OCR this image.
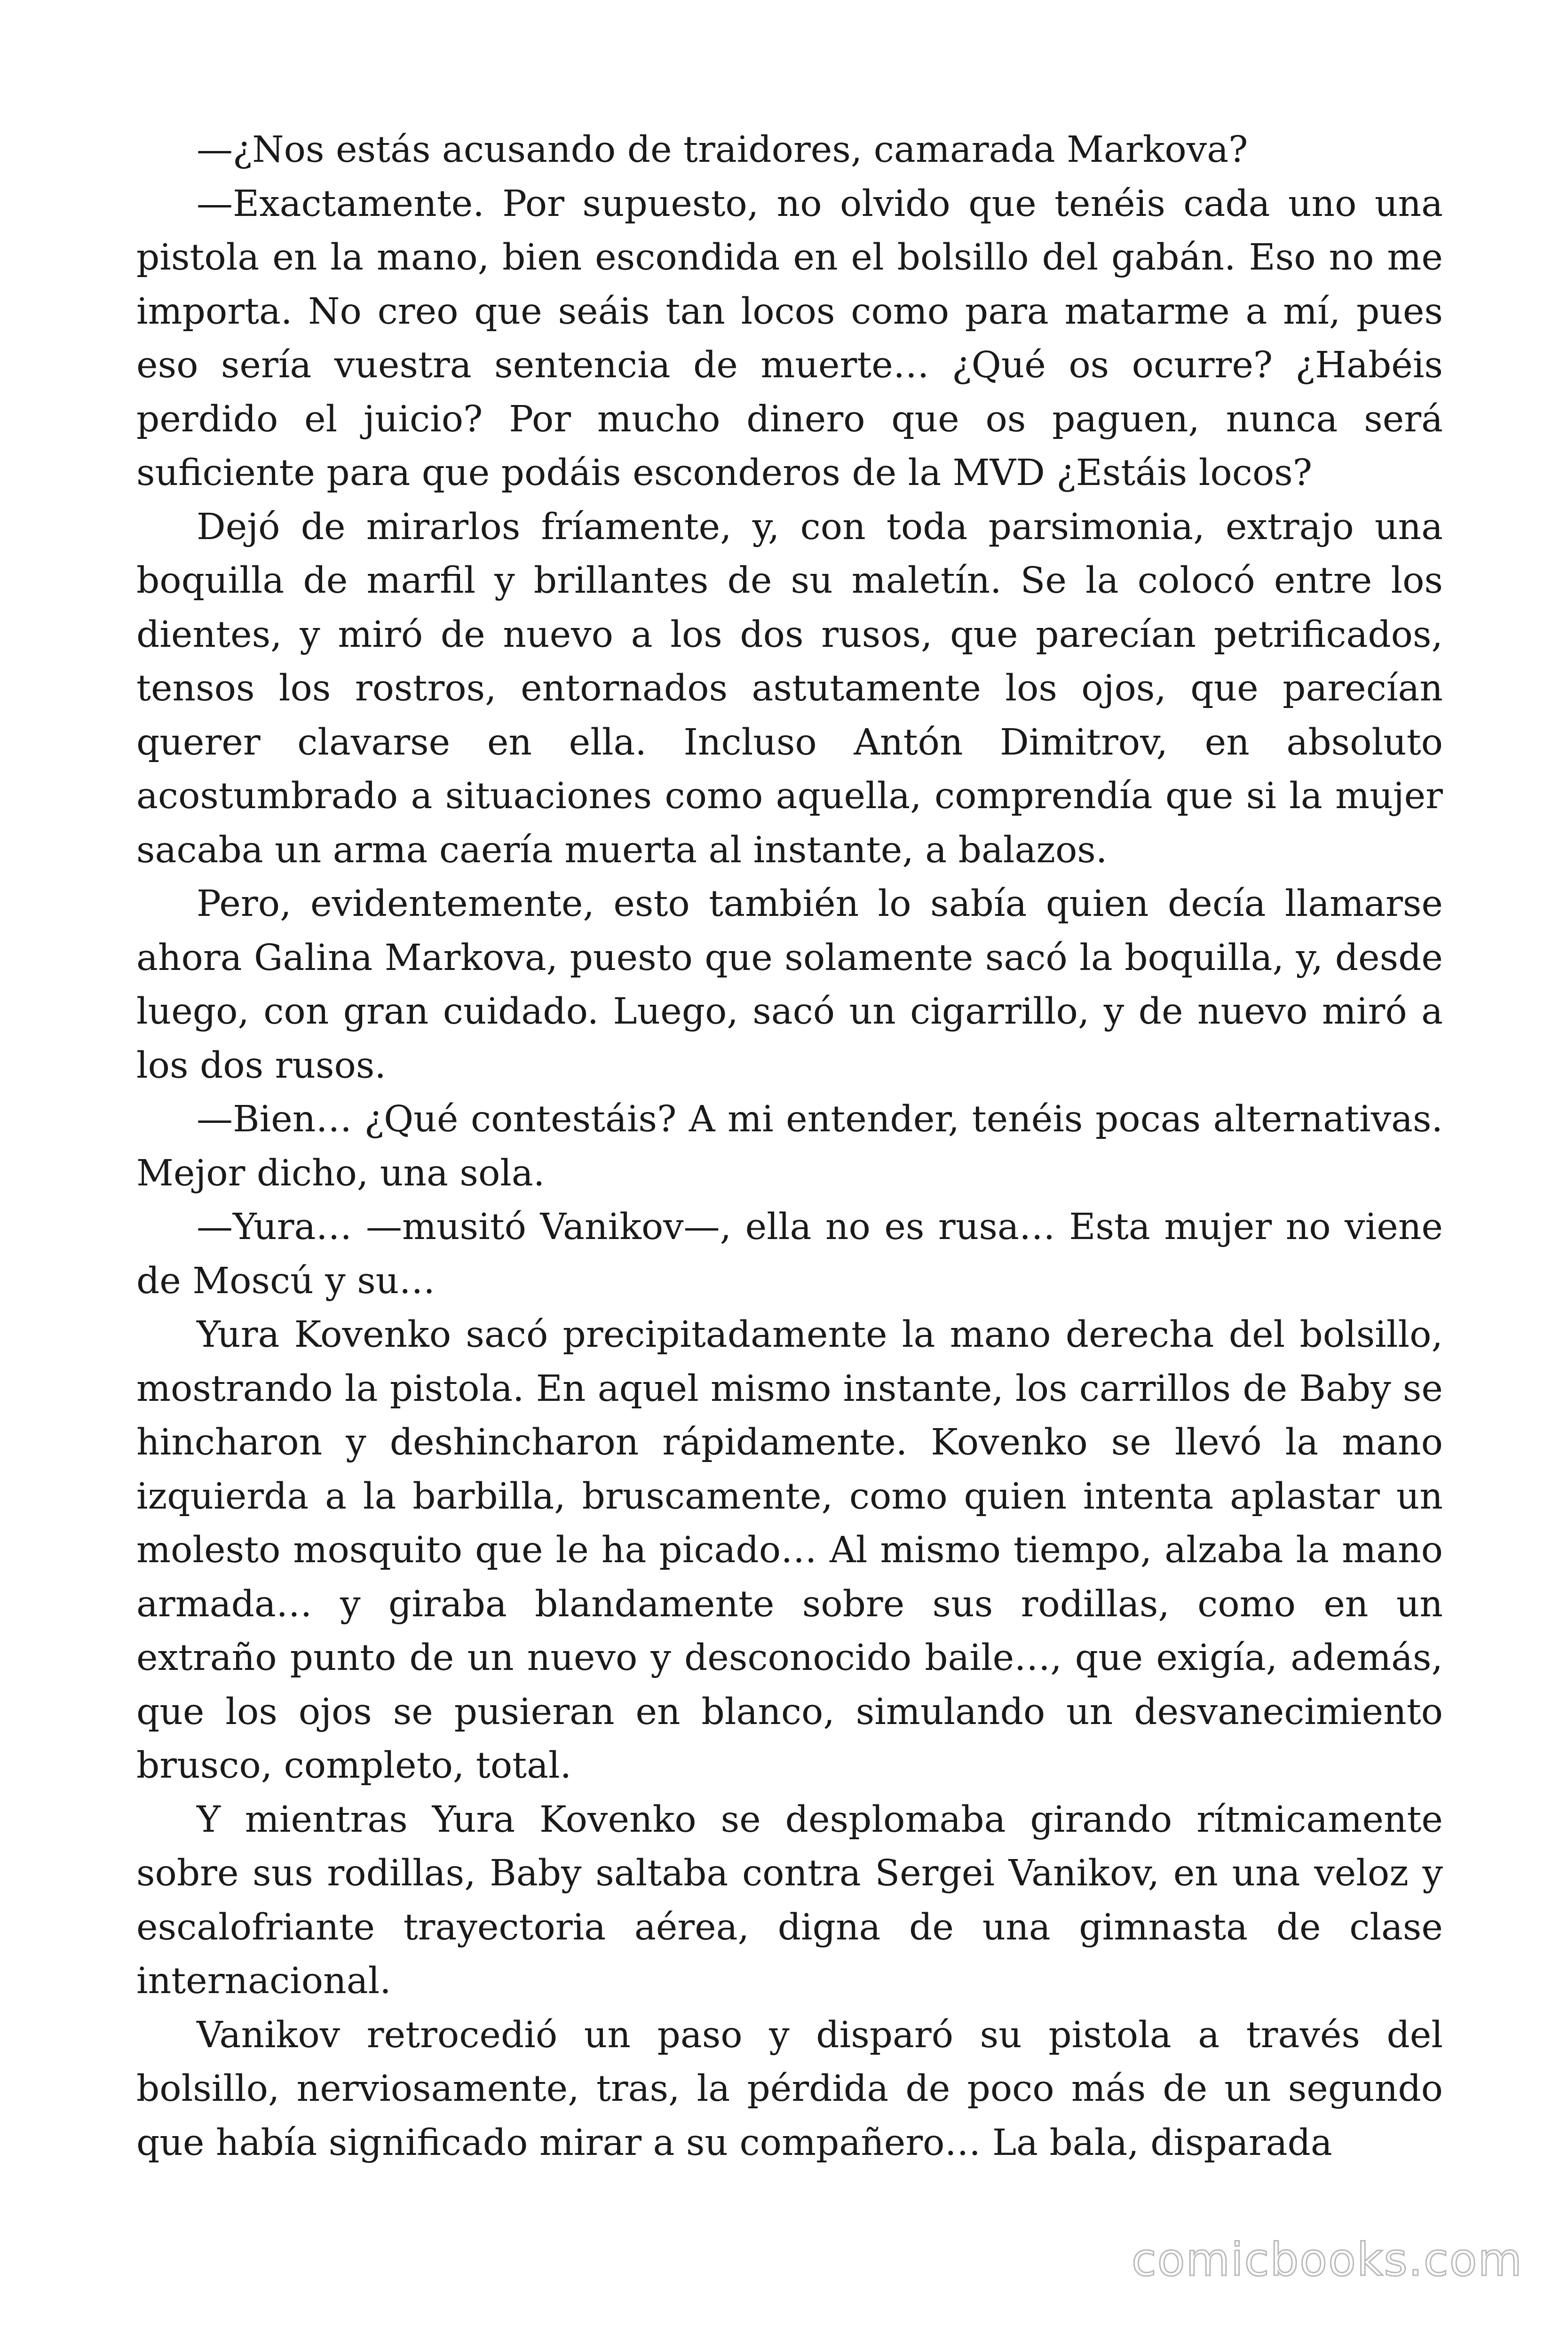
—¿Nos estás acusando de traidores, camarada Markova?

—Exactamente. Por supuesto, no olvido que tenéis cada uno una pistola en la mano, bien escondida en el bolsillo del gabán. Eso no me importa. No creo que seáis tan locos como para matarme a mí, pues eso sería vuestra sentencia de muerte… ¿Qué os ocurre? ¿Habéis perdido el juicio? Por mucho dinero que os paguen, nunca será suficiente para que podáis esconderos de la MVD ¿Estáis locos?

Dejó de mirarlos fríamente, y, con toda parsimonia, extrajo una boquilla de marfil y brillantes de su maletín. Se la colocó entre los dientes, y miró de nuevo a los dos rusos, que parecían petrificados, tensos los rostros, entornados astutamente los ojos, que parecían querer clavarse en ella. Incluso Antón Dimitrov, en absoluto acostumbrado a situaciones como aquella, comprendía que si la mujer sacaba un arma caería muerta al instante, a balazos.

Pero, evidentemente, esto también lo sabía quien decía llamarse ahora Galina Markova, puesto que solamente sacó la boquilla, y, desde luego, con gran cuidado. Luego, sacó un cigarrillo, y de nuevo miró a los dos rusos.

—Bien… ¿Qué contestáis? A mi entender, tenéis pocas alternativas. Mejor dicho, una sola.

—Yura… —musitó Vanikov—, ella no es rusa… Esta mujer no viene de Moscú y su…

Yura Kovenko sacó precipitadamente la mano derecha del bolsillo, mostrando la pistola. En aquel mismo instante, los carrillos de Baby se hincharon y deshincharon rápidamente. Kovenko se llevó la mano izquierda a la barbilla, bruscamente, como quien intenta aplastar un molesto mosquito que le ha picado… Al mismo tiempo, alzaba la mano armada… y giraba blandamente sobre sus rodillas, como en un extraño punto de un nuevo y desconocido baile…, que exigía, además, que los ojos se pusieran en blanco, simulando un desvanecimiento brusco, completo, total.

Y mientras Yura Kovenko se desplomaba girando rítmicamente sobre sus rodillas, Baby saltaba contra Sergei Vanikov, en una veloz y escalofriante trayectoria aérea, digna de una gimnasta de clase internacional.

Vanikov retrocedió un paso y disparó su pistola a través del bolsillo, nerviosamente, tras, la pérdida de poco más de un segundo que había significado mirar a su compañero… La bala, disparada

comicbooks.com
